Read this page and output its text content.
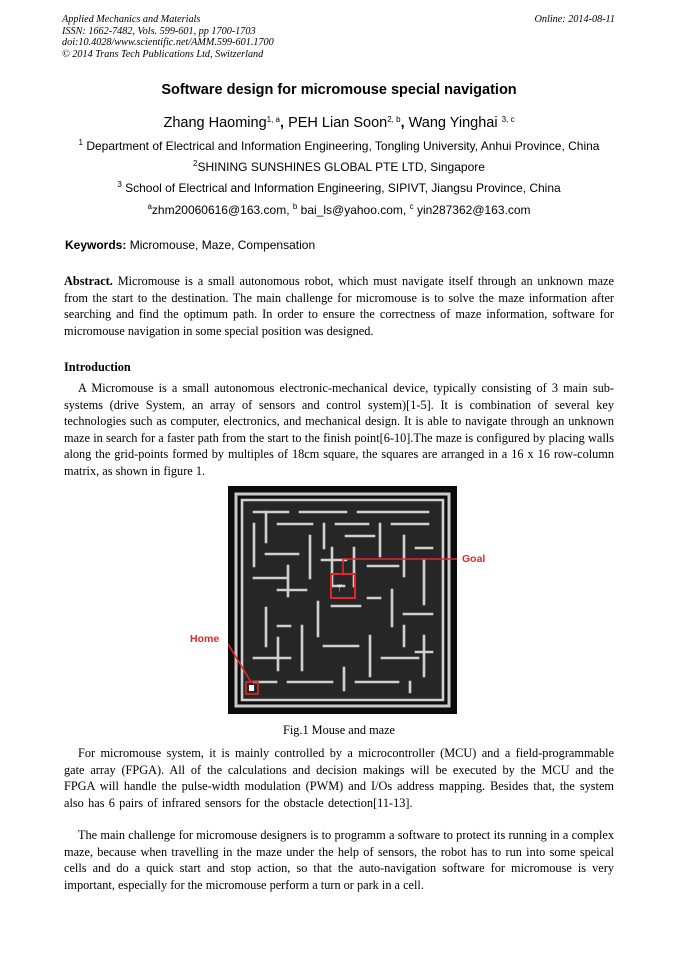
Applied Mechanics and Materials
ISSN: 1662-7482, Vols. 599-601, pp 1700-1703
doi:10.4028/www.scientific.net/AMM.599-601.1700
© 2014 Trans Tech Publications Ltd, Switzerland
Online: 2014-08-11
Software design for micromouse special navigation
Zhang Haoming$^{1, a}$, PEH Lian Soon$^{2, b}$, Wang Yinghai $^{3, c}$
$^1$ Department of Electrical and Information Engineering, Tongling University, Anhui Province, China
$^2$SHINING SUNSHINES GLOBAL PTE LTD, Singapore
$^3$ School of Electrical and Information Engineering, SIPIVT, Jiangsu Province, China
$^a$zhm20060616@163.com, $^b$ bai_ls@yahoo.com, $^c$ yin287362@163.com
Keywords: Micromouse, Maze, Compensation
Abstract. Micromouse is a small autonomous robot, which must navigate itself through an unknown maze from the start to the destination. The main challenge for micromouse is to solve the maze information after searching and find the optimum path. In order to ensure the correctness of maze information, software for micromouse navigation in some special position was designed.
Introduction
A Micromouse is a small autonomous electronic-mechanical device, typically consisting of 3 main sub-systems (drive System, an array of sensors and control system)[1-5]. It is combination of several key technologies such as computer, electronics, and mechanical design. It is able to navigate through an unknown maze in search for a faster path from the start to the finish point[6-10].The maze is configured by placing walls along the grid-points formed by multiples of 18cm square, the squares are arranged in a 16 x 16 row-column matrix, as shown in figure 1.
ᛘ
Goal
Home
Fig.1 Mouse and maze
For micromouse system, it is mainly controlled by a microcontroller (MCU) and a field-programmable gate array (FPGA). All of the calculations and decision makings will be executed by the MCU and the FPGA will handle the pulse-width modulation (PWM) and I/Os address mapping. Besides that, the system also has 6 pairs of infrared sensors for the obstacle detection[11-13].
The main challenge for micromouse designers is to programm a software to protect its running in a complex maze, because when travelling in the maze under the help of sensors, the robot has to run into some speical cells and do a quick start and stop action, so that the auto-navigation software for micromouse is very important, especially for the micromouse perform a turn or park in a cell.
